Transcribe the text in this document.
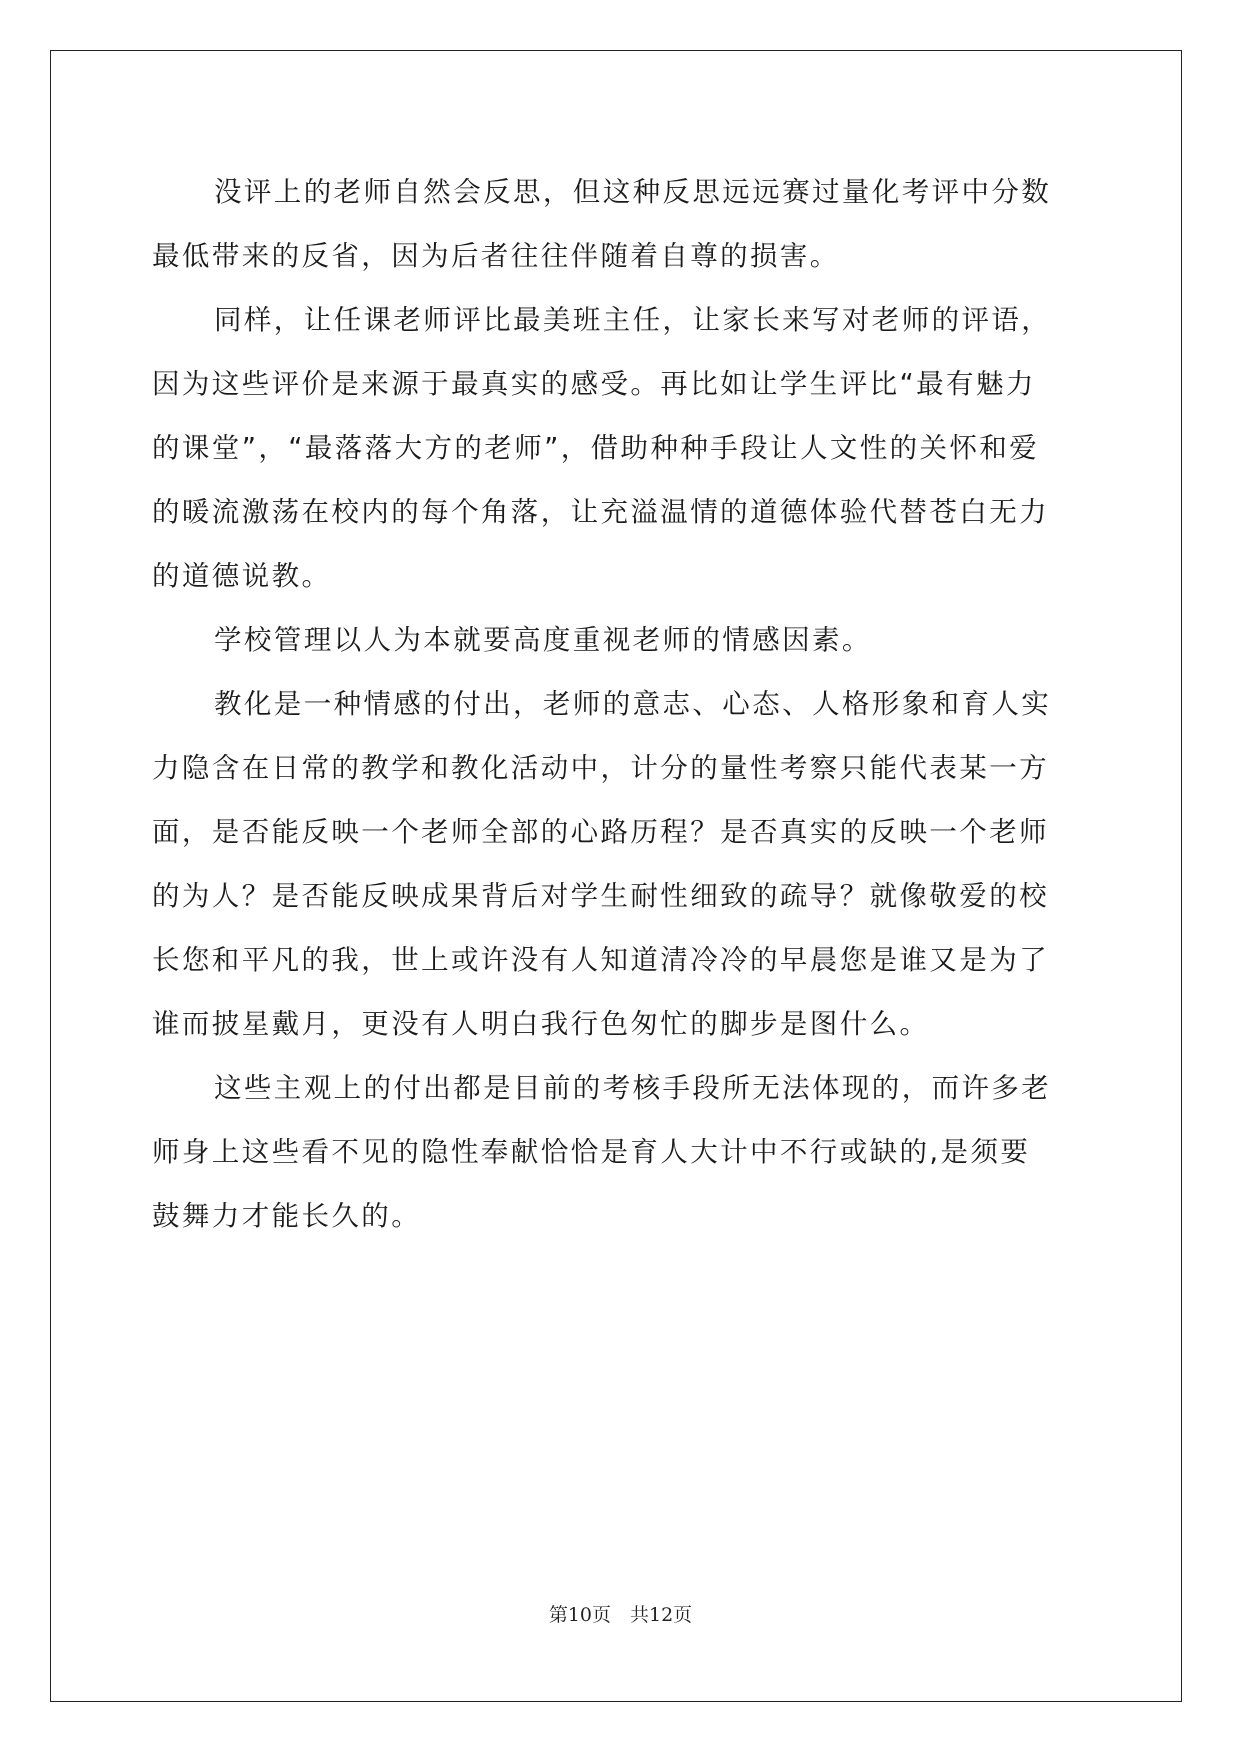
没评上的老师自然会反思，但这种反思远远赛过量化考评中分数
最低带来的反省，因为后者往往伴随着自尊的损害。
同样，让任课老师评比最美班主任，让家长来写对老师的评语，
因为这些评价是来源于最真实的感受。再比如让学生评比“最有魅力
的课堂”，“最落落大方的老师”，借助种种手段让人文性的关怀和爱
的暖流激荡在校内的每个角落，让充溢温情的道德体验代替苍白无力
的道德说教。
学校管理以人为本就要高度重视老师的情感因素。
教化是一种情感的付出，老师的意志、心态、人格形象和育人实
力隐含在日常的教学和教化活动中，计分的量性考察只能代表某一方
面，是否能反映一个老师全部的心路历程？是否真实的反映一个老师
的为人？是否能反映成果背后对学生耐性细致的疏导？就像敬爱的校
长您和平凡的我，世上或许没有人知道清冷冷的早晨您是谁又是为了
谁而披星戴月，更没有人明白我行色匆忙的脚步是图什么。
这些主观上的付出都是目前的考核手段所无法体现的，而许多老
师身上这些看不见的隐性奉献恰恰是育人大计中不行或缺的,是须要
鼓舞力才能长久的。
第10页　共12页
